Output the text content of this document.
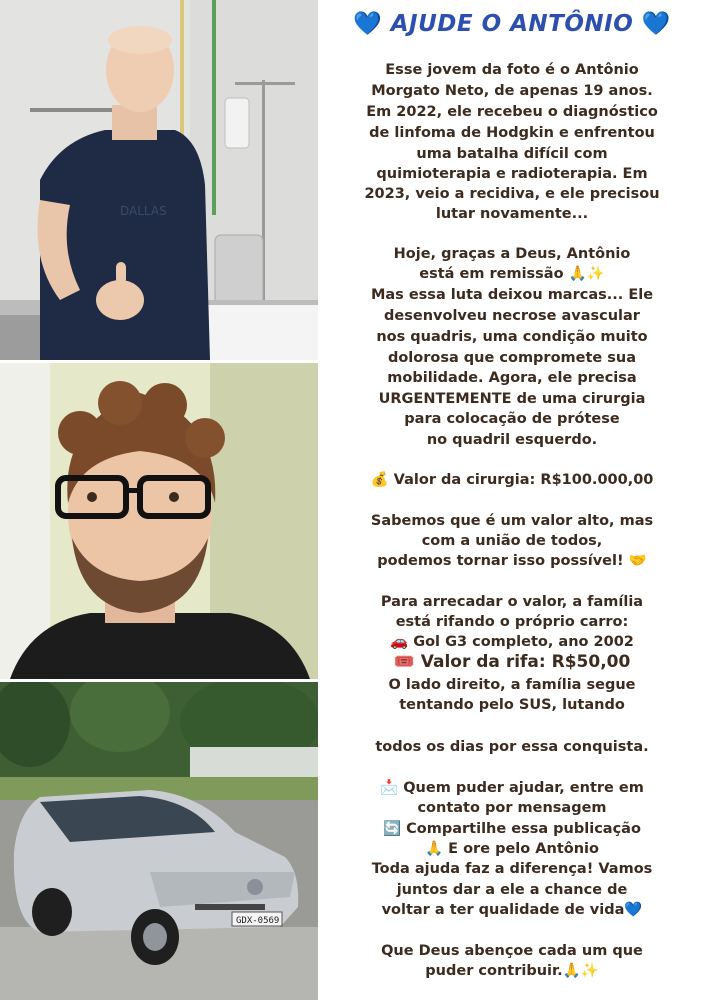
DALLAS
GDX-0569
💙 AJUDE O ANTÔNIO 💙
Esse jovem da foto é o Antônio
Morgato Neto, de apenas 19 anos.
Em 2022, ele recebeu o diagnóstico
de linfoma de Hodgkin e enfrentou
uma batalha difícil com
quimioterapia e radioterapia. Em
2023, veio a recidiva, e ele precisou
lutar novamente...
Hoje, graças a Deus, Antônio
está em remissão 🙏✨
Mas essa luta deixou marcas... Ele
desenvolveu necrose avascular
nos quadris, uma condição muito
dolorosa que compromete sua
mobilidade. Agora, ele precisa
URGENTEMENTE de uma cirurgia
para colocação de prótese
no quadril esquerdo.
💰 Valor da cirurgia: R$100.000,00
Sabemos que é um valor alto, mas
com a união de todos,
podemos tornar isso possível! 🤝
Para arrecadar o valor, a família
está rifando o próprio carro:
🚗 Gol G3 completo, ano 2002
🎟️ Valor da rifa: R$50,00
O lado direito, a família segue
tentando pelo SUS, lutando
todos os dias por essa conquista.
📩 Quem puder ajudar, entre em
contato por mensagem
🔄 Compartilhe essa publicação
🙏 E ore pelo Antônio
Toda ajuda faz a diferença! Vamos
juntos dar a ele a chance de
voltar a ter qualidade de vida💙
Que Deus abençoe cada um que
puder contribuir.🙏✨
